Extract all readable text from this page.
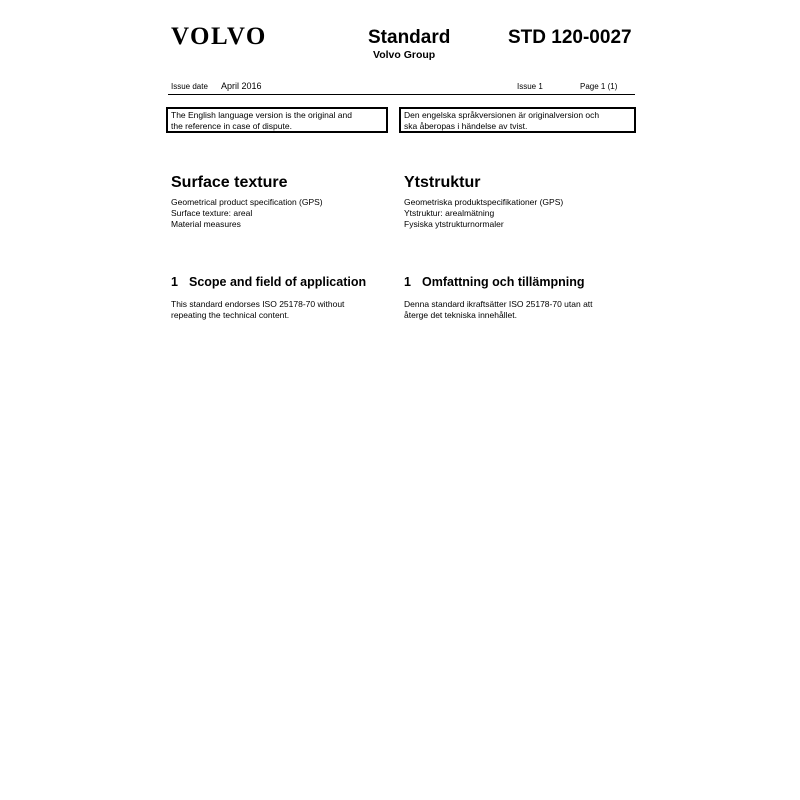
VOLVO	Standard
Volvo Group
STD 120-0027
Issue date April 2016	Issue 1	Page 1 (1)
The English language version is the original and
the reference in case of dispute.
Den engelska språkversionen är originalversion och
ska åberopas i händelse av tvist.
Surface texture
Geometrical product specification (GPS)
Surface texture: areal
Material measures
Ytstruktur
Geometriska produktspecifikationer (GPS)
Ytstruktur: arealmätning
Fysiska ytstrukturnormaler
1 Scope and field of application
This standard endorses ISO 25178-70 without
repeating the technical content.
1 Omfattning och tillämpning
Denna standard ikraftsätter ISO 25178-70 utan att
återge det tekniska innehållet.
